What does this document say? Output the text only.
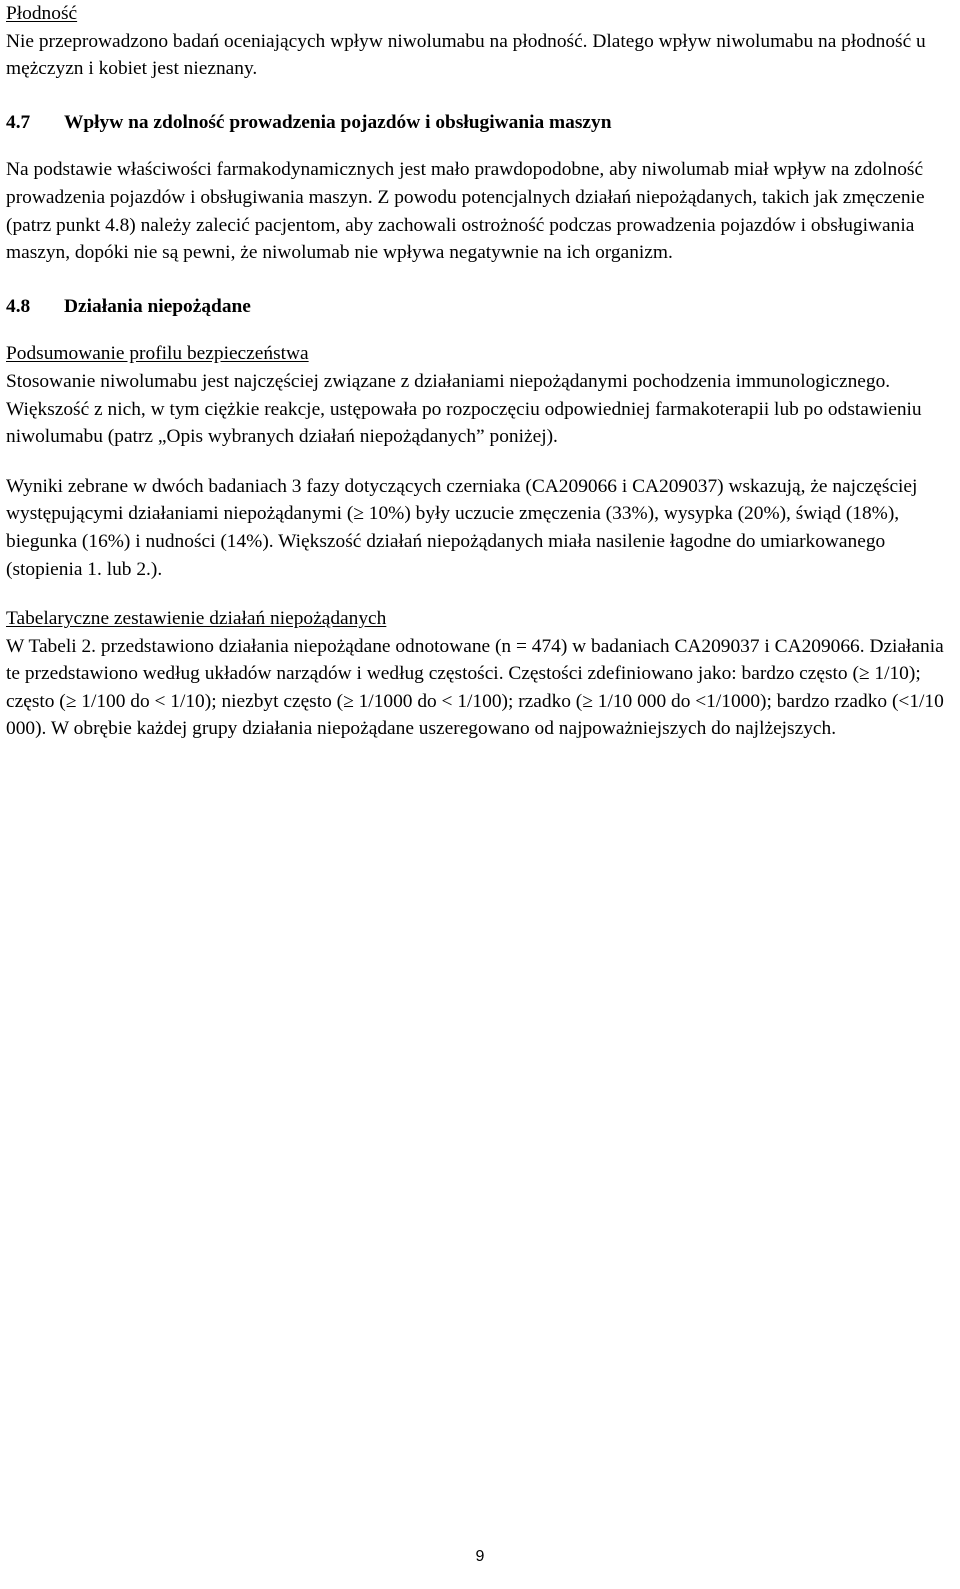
Płodność

Nie przeprowadzono badań oceniających wpływ niwolumabu na płodność. Dlatego wpływ niwolumabu na płodność u mężczyzn i kobiet jest nieznany.

4.7 Wpływ na zdolność prowadzenia pojazdów i obsługiwania maszyn

Na podstawie właściwości farmakodynamicznych jest mało prawdopodobne, aby niwolumab miał wpływ na zdolność prowadzenia pojazdów i obsługiwania maszyn. Z powodu potencjalnych działań niepożądanych, takich jak zmęczenie (patrz punkt 4.8) należy zalecić pacjentom, aby zachowali ostrożność podczas prowadzenia pojazdów i obsługiwania maszyn, dopóki nie są pewni, że niwolumab nie wpływa negatywnie na ich organizm.

4.8 Działania niepożądane

Podsumowanie profilu bezpieczeństwa

Stosowanie niwolumabu jest najczęściej związane z działaniami niepożądanymi pochodzenia immunologicznego. Większość z nich, w tym ciężkie reakcje, ustępowała po rozpoczęciu odpowiedniej farmakoterapii lub po odstawieniu niwolumabu (patrz „Opis wybranych działań niepożądanych” poniżej).

Wyniki zebrane w dwóch badaniach 3 fazy dotyczących czerniaka (CA209066 i CA209037) wskazują, że najczęściej występującymi działaniami niepożądanymi (≥ 10%) były uczucie zmęczenia (33%), wysypka (20%), świąd (18%), biegunka (16%) i nudności (14%). Większość działań niepożądanych miała nasilenie łagodne do umiarkowanego (stopienia 1. lub 2.).

Tabelaryczne zestawienie działań niepożądanych

W Tabeli 2. przedstawiono działania niepożądane odnotowane (n = 474) w badaniach CA209037 i CA209066. Działania te przedstawiono według układów narządów i według częstości. Częstości zdefiniowano jako: bardzo często (≥ 1/10); często (≥ 1/100 do < 1/10); niezbyt często (≥ 1/1000 do < 1/100); rzadko (≥ 1/10 000 do <1/1000); bardzo rzadko (<1/10 000). W obrębie każdej grupy działania niepożądane uszeregowano od najpoważniejszych do najlżejszych.

9
